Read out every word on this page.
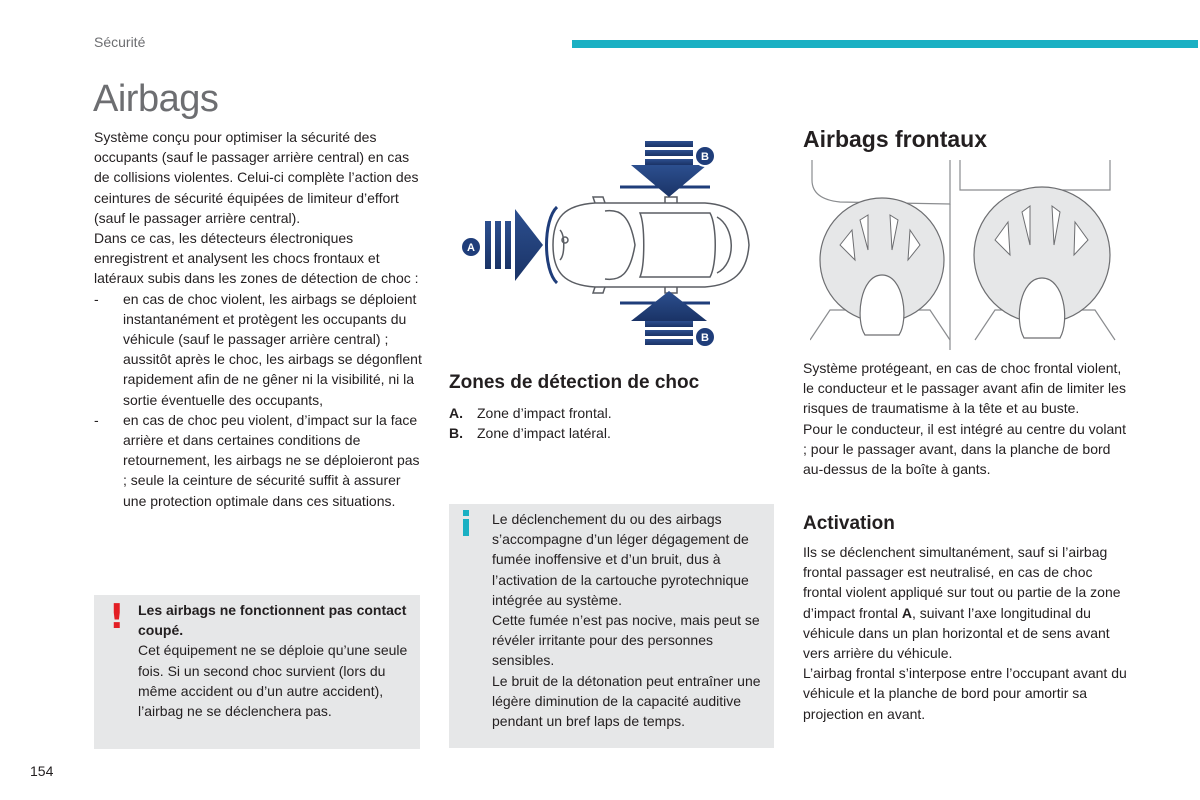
Sécurité
Airbags

Système conçu pour optimiser la sécurité des occupants (sauf le passager arrière central) en cas de collisions violentes. Celui-ci complète l’action des ceintures de sécurité équipées de limiteur d’effort (sauf le passager arrière central).

Dans ce cas, les détecteurs électroniques enregistrent et analysent les chocs frontaux et latéraux subis dans les zones de détection de choc :

- en cas de choc violent, les airbags se déploient instantanément et protègent les occupants du véhicule (sauf le passager arrière central) ; aussitôt après le choc, les airbags se dégonflent rapidement afin de ne gêner ni la visibilité, ni la sortie éventuelle des occupants,
- en cas de choc peu violent, d’impact sur la face arrière et dans certaines conditions de retournement, les airbags ne se déploieront pas ; seule la ceinture de sécurité suffit à assurer une protection optimale dans ces situations.
! Les airbags ne fonctionnent pas contact coupé.

Cet équipement ne se déploie qu’une seule fois. Si un second choc survient (lors du même accident ou d’un autre accident), l’airbag ne se déclenchera pas.

A
B
B
Zones de détection de choc
A.	Zone d’impact frontal.
B.	Zone d’impact latéral.

Le déclenchement du ou des airbags s’accompagne d’un léger dégagement de fumée inoffensive et d’un bruit, dus à l’activation de la cartouche pyrotechnique intégrée au système.

Cette fumée n’est pas nocive, mais peut se révéler irritante pour des personnes sensibles.

Le bruit de la détonation peut entraîner une légère diminution de la capacité auditive pendant un bref laps de temps.

Airbags frontaux

Système protégeant, en cas de choc frontal violent, le conducteur et le passager avant afin de limiter les risques de traumatisme à la tête et au buste.

Pour le conducteur, il est intégré au centre du volant ; pour le passager avant, dans la planche de bord au-dessus de la boîte à gants.

Activation

Ils se déclenchent simultanément, sauf si l’airbag frontal passager est neutralisé, en cas de choc frontal violent appliqué sur tout ou partie de la zone d’impact frontal A, suivant l’axe longitudinal du véhicule dans un plan horizontal et de sens avant vers arrière du véhicule.

L’airbag frontal s’interpose entre l’occupant avant du véhicule et la planche de bord pour amortir sa projection en avant.

154
